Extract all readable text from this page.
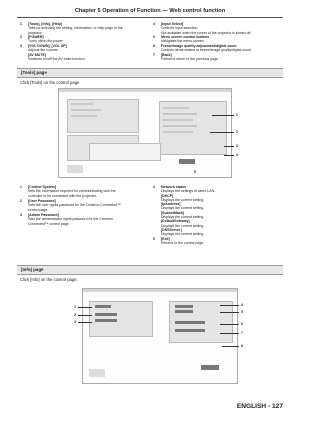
Chapter 5 Operation of Function — Web control function
1 [Tools], [Info], [Help]
Tabs for selecting the setting, information, or help page of the
projector.
2 [POWER]
Turns off/on the power.
3 [VOL DOWN], [VOL UP]
Adjusts the volume.
[AV MUTE]
Switches on/off the AV mute function.
4 [Input Select]
Controls input selection.
Not available when the power of the projector is turned off.
5 Menu screen control buttons
Navigates the menu screen.
6 Freeze/image quality adjustment/digital zoom
Controls items related to freeze/image quality/digital zoom.
7 [Back]
Performs return to the previous page.
[Tools] page
Click [Tools] on the control page.
1
2
3
4
5
1 [Control System]
Sets the information required for communicating with the
controller to be connected with the projector.
2 [User Password]
Sets the user rights password for the Crestron Connected™
control page.
3 [Admin Password]
Sets the administrator rights password for the Crestron
Connected™ control page.
4 Network status
Displays the settings of wired LAN.
[DHCP]
Displays the current setting.
[IpAddress]
Displays the current setting.
[SubnetMask]
Displays the current setting.
[DefaultGateway]
Displays the current setting.
[DNSServer]
Displays the current setting.
5 [Exit]
Returns to the control page.
[Info] page
Click [Info] on the control page.
1
2
3
4
5
6
7
8
ENGLISH - 127
